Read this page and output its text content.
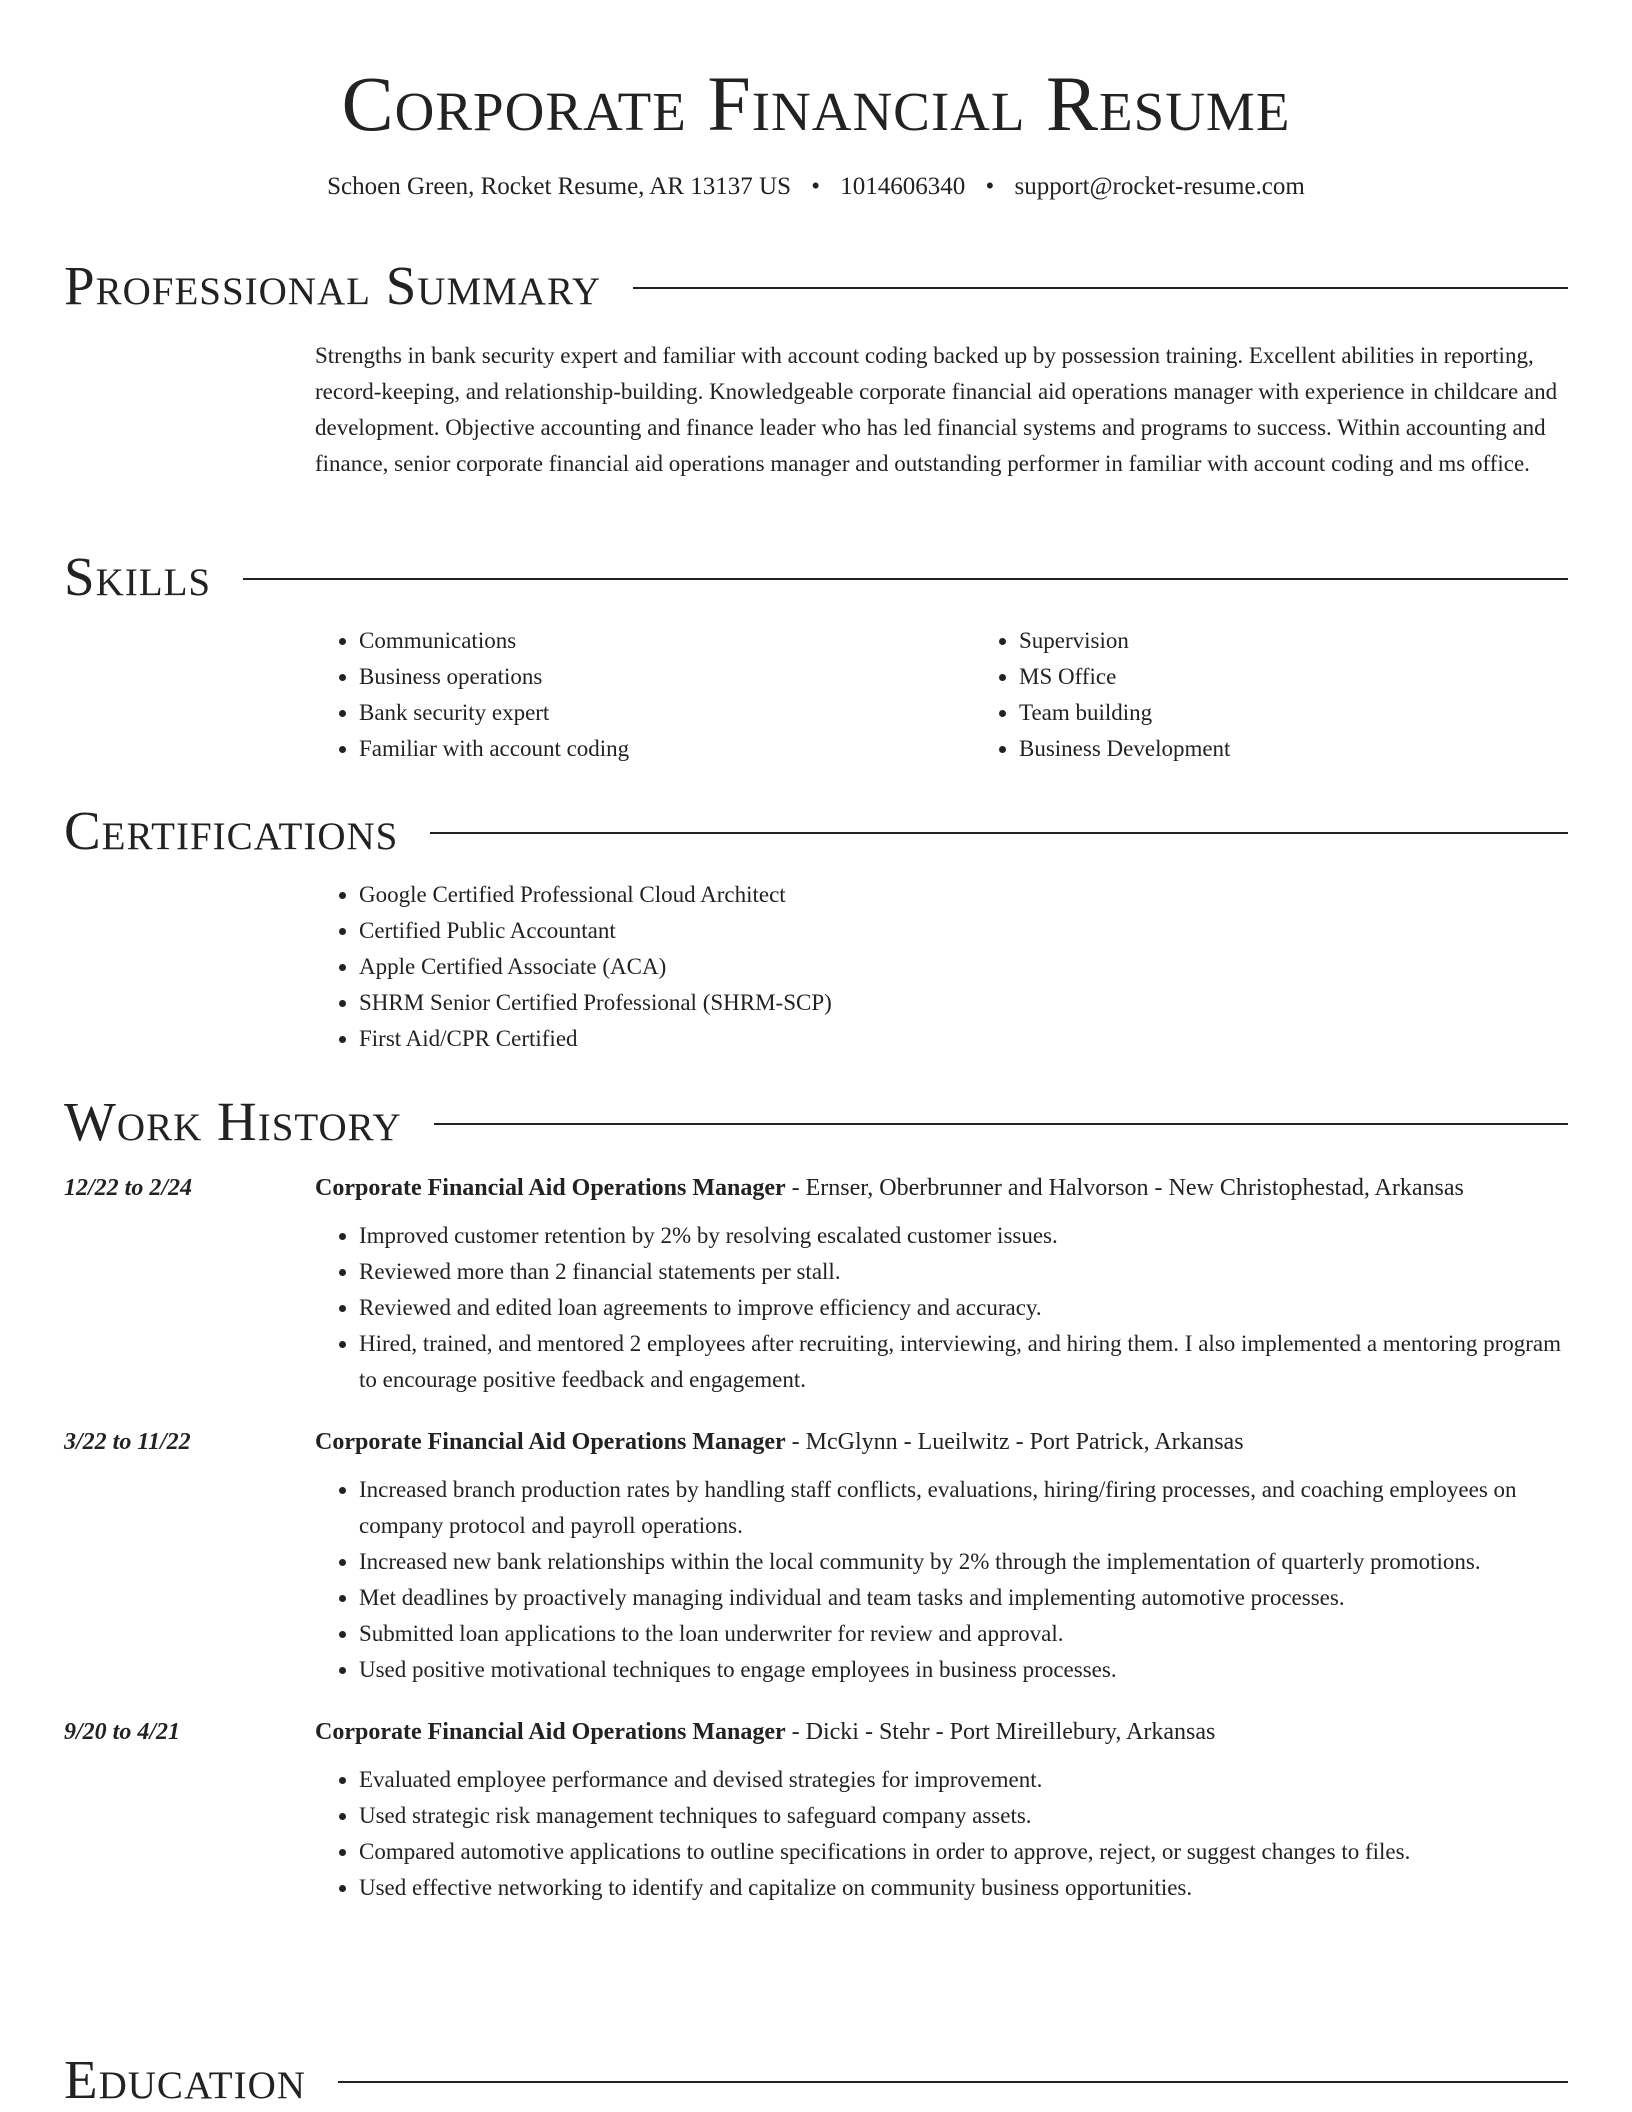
Corporate Financial Resume
Schoen Green, Rocket Resume, AR 13137 US • 1014606340 • support@rocket-resume.com
Professional Summary

Strengths in bank security expert and familiar with account coding backed up by possession training. Excellent abilities in reporting, record-keeping, and relationship-building. Knowledgeable corporate financial aid operations manager with experience in childcare and development. Objective accounting and finance leader who has led financial systems and programs to success. Within accounting and finance, senior corporate financial aid operations manager and outstanding performer in familiar with account coding and ms office.

Skills
• Communications
• Business operations
• Bank security expert
• Familiar with account coding
• Supervision
• MS Office
• Team building
• Business Development
Certifications
• Google Certified Professional Cloud Architect
• Certified Public Accountant
• Apple Certified Associate (ACA)
• SHRM Senior Certified Professional (SHRM-SCP)
• First Aid/CPR Certified
Work History
12/22 to 2/24	Corporate Financial Aid Operations Manager - Ernser, Oberbrunner and Halvorson - New Christophestad, Arkansas

• Improved customer retention by 2% by resolving escalated customer issues.
• Reviewed more than 2 financial statements per stall.
• Reviewed and edited loan agreements to improve efficiency and accuracy.
• Hired, trained, and mentored 2 employees after recruiting, interviewing, and hiring them. I also implemented a mentoring program to encourage positive feedback and engagement.
3/22 to 11/22	Corporate Financial Aid Operations Manager - McGlynn - Lueilwitz - Port Patrick, Arkansas

• Increased branch production rates by handling staff conflicts, evaluations, hiring/firing processes, and coaching employees on company protocol and payroll operations.
• Increased new bank relationships within the local community by 2% through the implementation of quarterly promotions.
• Met deadlines by proactively managing individual and team tasks and implementing automotive processes.
• Submitted loan applications to the loan underwriter for review and approval.
• Used positive motivational techniques to engage employees in business processes.
9/20 to 4/21	Corporate Financial Aid Operations Manager - Dicki - Stehr - Port Mireillebury, Arkansas

• Evaluated employee performance and devised strategies for improvement.
• Used strategic risk management techniques to safeguard company assets.
• Compared automotive applications to outline specifications in order to approve, reject, or suggest changes to files.
• Used effective networking to identify and capitalize on community business opportunities.
Education
